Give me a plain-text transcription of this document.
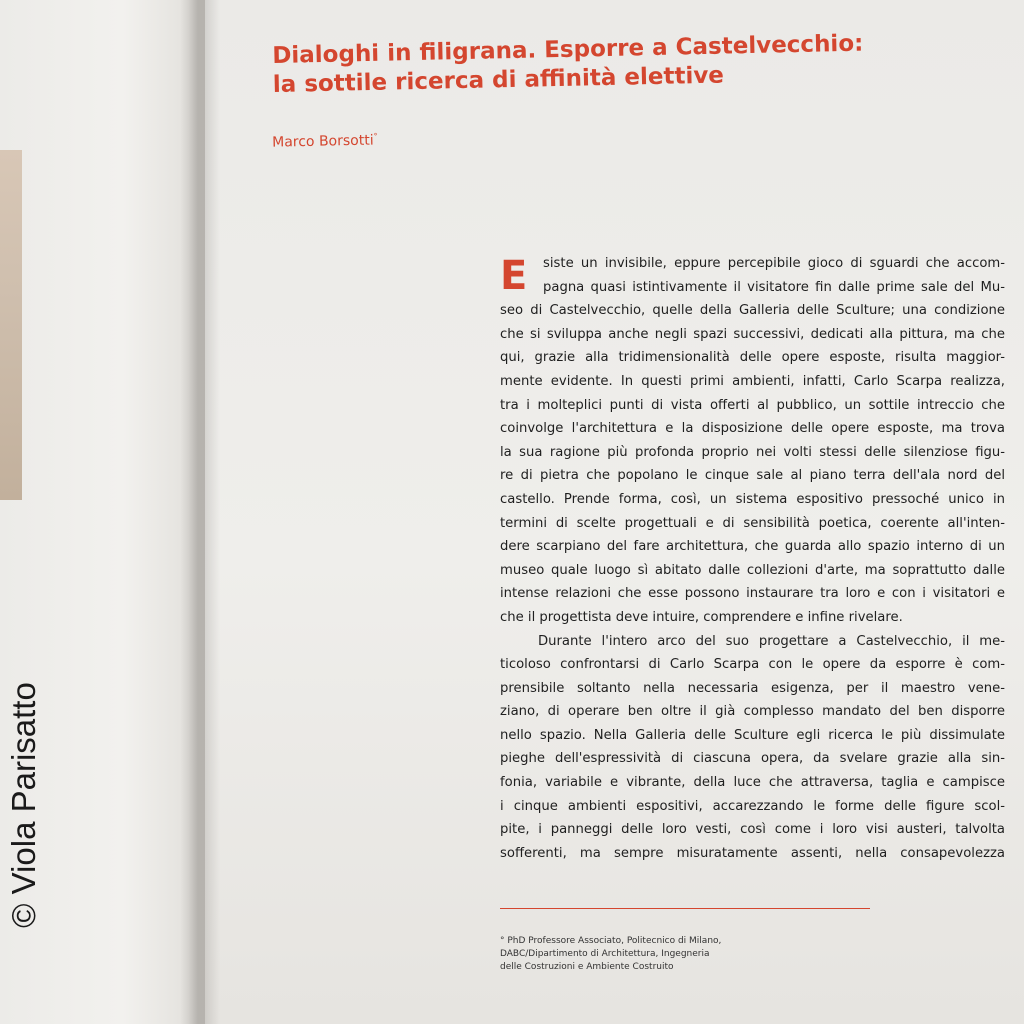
© Viola Parisatto
Dialoghi in filigrana. Esporre a Castelvecchio:
la sottile ricerca di affinità elettive

Marco Borsotti°

E	siste un invisibile, eppure percepibile gioco di sguardi che accom-
pagna quasi istintivamente il visitatore fin dalle prime sale del Mu-
seo di Castelvecchio, quelle della Galleria delle Sculture; una condizione
che si sviluppa anche negli spazi successivi, dedicati alla pittura, ma che
qui, grazie alla tridimensionalità delle opere esposte, risulta maggior-
mente evidente. In questi primi ambienti, infatti, Carlo Scarpa realizza,
tra i molteplici punti di vista offerti al pubblico, un sottile intreccio che
coinvolge l'architettura e la disposizione delle opere esposte, ma trova
la sua ragione più profonda proprio nei volti stessi delle silenziose figu-
re di pietra che popolano le cinque sale al piano terra dell'ala nord del
castello. Prende forma, così, un sistema espositivo pressoché unico in
termini di scelte progettuali e di sensibilità poetica, coerente all'inten-
dere scarpiano del fare architettura, che guarda allo spazio interno di un
museo quale luogo sì abitato dalle collezioni d'arte, ma soprattutto dalle
intense relazioni che esse possono instaurare tra loro e con i visitatori e
che il progettista deve intuire, comprendere e infine rivelare.
Durante l'intero arco del suo progettare a Castelvecchio, il me-
ticoloso confrontarsi di Carlo Scarpa con le opere da esporre è com-
prensibile soltanto nella necessaria esigenza, per il maestro vene-
ziano, di operare ben oltre il già complesso mandato del ben disporre
nello spazio. Nella Galleria delle Sculture egli ricerca le più dissimulate
pieghe dell'espressività di ciascuna opera, da svelare grazie alla sin-
fonia, variabile e vibrante, della luce che attraversa, taglia e campisce
i cinque ambienti espositivi, accarezzando le forme delle figure scol-
pite, i panneggi delle loro vesti, così come i loro visi austeri, talvolta
sofferenti, ma sempre misuratamente assenti, nella consapevolezza
° PhD Professore Associato, Politecnico di Milano,
DABC/Dipartimento di Architettura, Ingegneria
delle Costruzioni e Ambiente Costruito
